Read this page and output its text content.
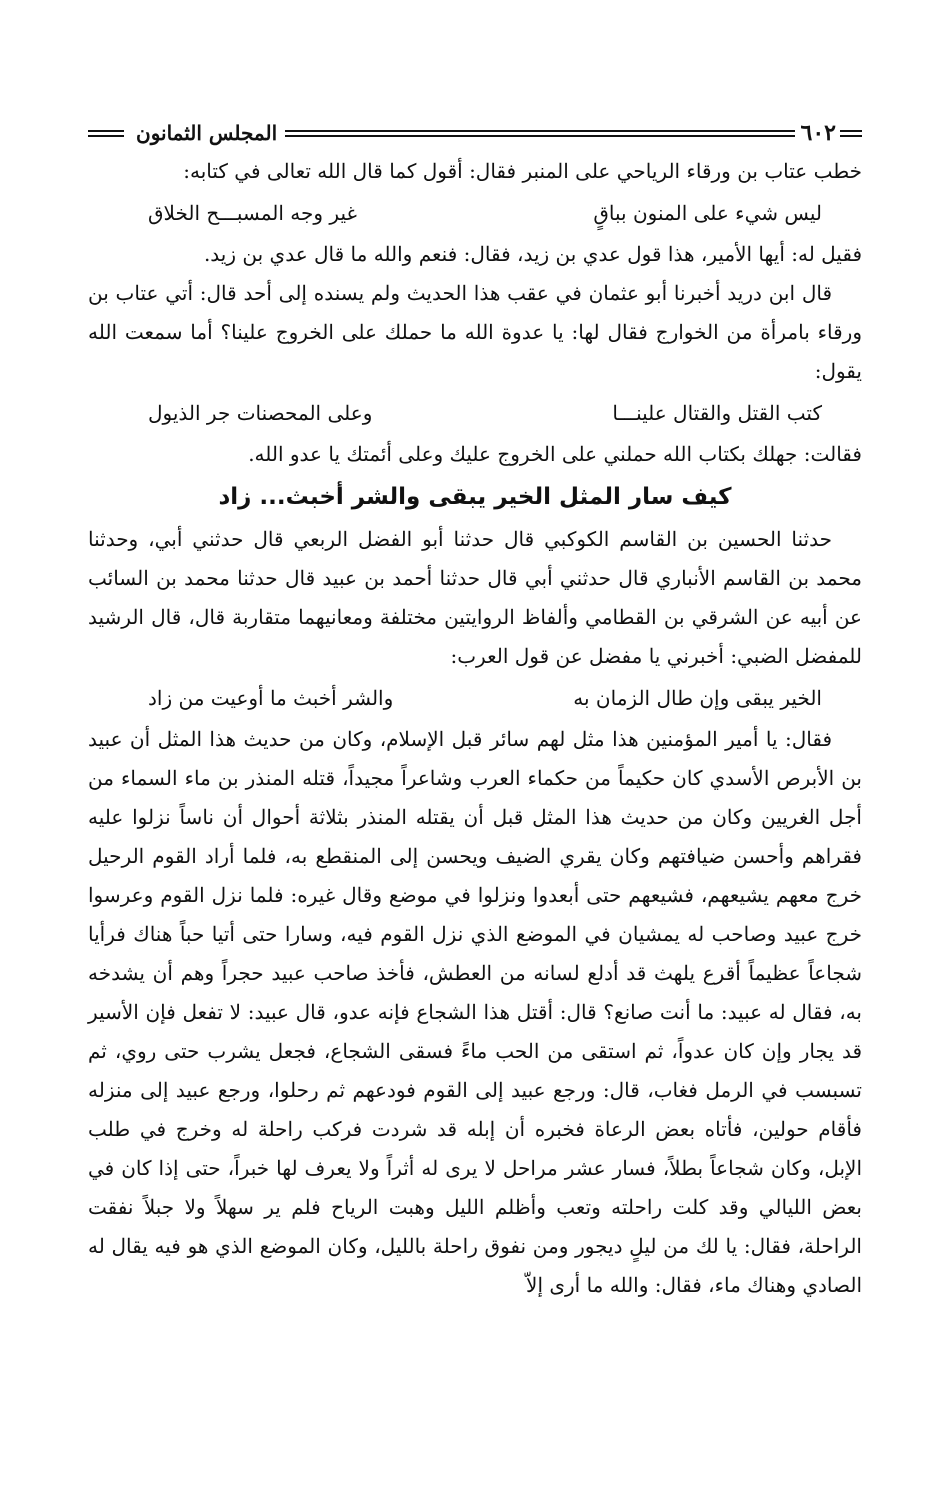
٦٠٢
المجلس الثمانون

خطب عتاب بن ورقاء الرياحي على المنبر فقال: أقول كما قال الله تعالى في كتابه:

ليس شيء على المنون بباقٍ
غير وجه المسبـــح الخلاق

فقيل له: أيها الأمير، هذا قول عدي بن زيد، فقال: فنعم والله ما قال عدي بن زيد.

قال ابن دريد أخبرنا أبو عثمان في عقب هذا الحديث ولم يسنده إلى أحد قال: أتي عتاب بن ورقاء بامرأة من الخوارج فقال لها: يا عدوة الله ما حملك على الخروج علينا؟ أما سمعت الله يقول:

كتب القتل والقتال علينـــا
وعلى المحصنات جر الذيول

فقالت: جهلك بكتاب الله حملني على الخروج عليك وعلى أئمتك يا عدو الله.

كيف سار المثل الخير يبقى والشر أخبث... زاد

حدثنا الحسين بن القاسم الكوكبي قال حدثنا أبو الفضل الربعي قال حدثني أبي، وحدثنا محمد بن القاسم الأنباري قال حدثني أبي قال حدثنا أحمد بن عبيد قال حدثنا محمد بن السائب عن أبيه عن الشرقي بن القطامي وألفاظ الروايتين مختلفة ومعانيهما متقاربة قال، قال الرشيد للمفضل الضبي: أخبرني يا مفضل عن قول العرب:

الخير يبقى وإن طال الزمان به
والشر أخبث ما أوعيت من زاد

فقال: يا أمير المؤمنين هذا مثل لهم سائر قبل الإسلام، وكان من حديث هذا المثل أن عبيد بن الأبرص الأسدي كان حكيماً من حكماء العرب وشاعراً مجيداً، قتله المنذر بن ماء السماء من أجل الغريين وكان من حديث هذا المثل قبل أن يقتله المنذر بثلاثة أحوال أن ناساً نزلوا عليه فقراهم وأحسن ضيافتهم وكان يقري الضيف ويحسن إلى المنقطع به، فلما أراد القوم الرحيل خرج معهم يشيعهم، فشيعهم حتى أبعدوا ونزلوا في موضع وقال غيره: فلما نزل القوم وعرسوا خرج عبيد وصاحب له يمشيان في الموضع الذي نزل القوم فيه، وسارا حتى أتيا حباً هناك فرأيا شجاعاً عظيماً أقرع يلهث قد أدلع لسانه من العطش، فأخذ صاحب عبيد حجراً وهم أن يشدخه به، فقال له عبيد: ما أنت صانع؟ قال: أقتل هذا الشجاع فإنه عدو، قال عبيد: لا تفعل فإن الأسير قد يجار وإن كان عدواً، ثم استقى من الحب ماءً فسقى الشجاع، فجعل يشرب حتى روي، ثم تسبسب في الرمل فغاب، قال: ورجع عبيد إلى القوم فودعهم ثم رحلوا، ورجع عبيد إلى منزله فأقام حولين، فأتاه بعض الرعاة فخبره أن إبله قد شردت فركب راحلة له وخرج في طلب الإبل، وكان شجاعاً بطلاً، فسار عشر مراحل لا يرى له أثراً ولا يعرف لها خبراً، حتى إذا كان في بعض الليالي وقد كلت راحلته وتعب وأظلم الليل وهبت الرياح فلم ير سهلاً ولا جبلاً نفقت الراحلة، فقال: يا لك من ليلٍ ديجور ومن نفوق راحلة بالليل، وكان الموضع الذي هو فيه يقال له الصادي وهناك ماء، فقال: والله ما أرى إلاّ
